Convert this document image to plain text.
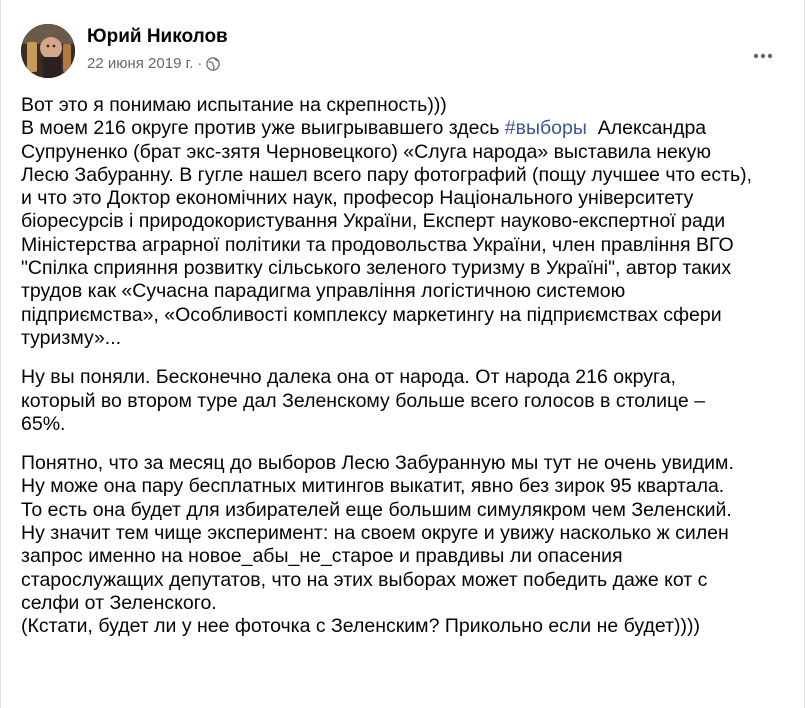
Юрий Николов
22 июня 2019 г. ·
Вот это я понимаю испытание на скрепность)))
В моем 216 округе против уже выигрывавшего здесь #выборы  Александра
Супруненко (брат экс-зятя Черновецкого) «Слуга народа» выставила некую
Лесю Забуранну. В гугле нашел всего пару фотографий (пощу лучшее что есть),
и что это Доктор економічних наук, професор Національного університету
біоресурсів і природокористування України, Експерт науково-експертної ради
Міністерства аграрної політики та продовольства України, член правління ВГО
"Спілка сприяння розвитку сільського зеленого туризму в Україні", автор таких
трудов как «Сучасна парадигма управління логістичною системою
підприємства», «Особливості комплексу маркетингу на підприємствах сфери
туризму»...
Ну вы поняли. Бесконечно далека она от народа. От народа 216 округа,
который во втором туре дал Зеленскому больше всего голосов в столице –
65%.
Понятно, что за месяц до выборов Лесю Забуранную мы тут не очень увидим.
Ну може она пару бесплатных митингов выкатит, явно без зирок 95 квартала.
То есть она будет для избирателей еще большим симулякром чем Зеленский.
Ну значит тем чище эксперимент: на своем округе и увижу насколько ж силен
запрос именно на новое_абы_не_старое и правдивы ли опасения
старослужащих депутатов, что на этих выборах может победить даже кот с
селфи от Зеленского.
(Кстати, будет ли у нее фоточка с Зеленским? Прикольно если не будет))))
